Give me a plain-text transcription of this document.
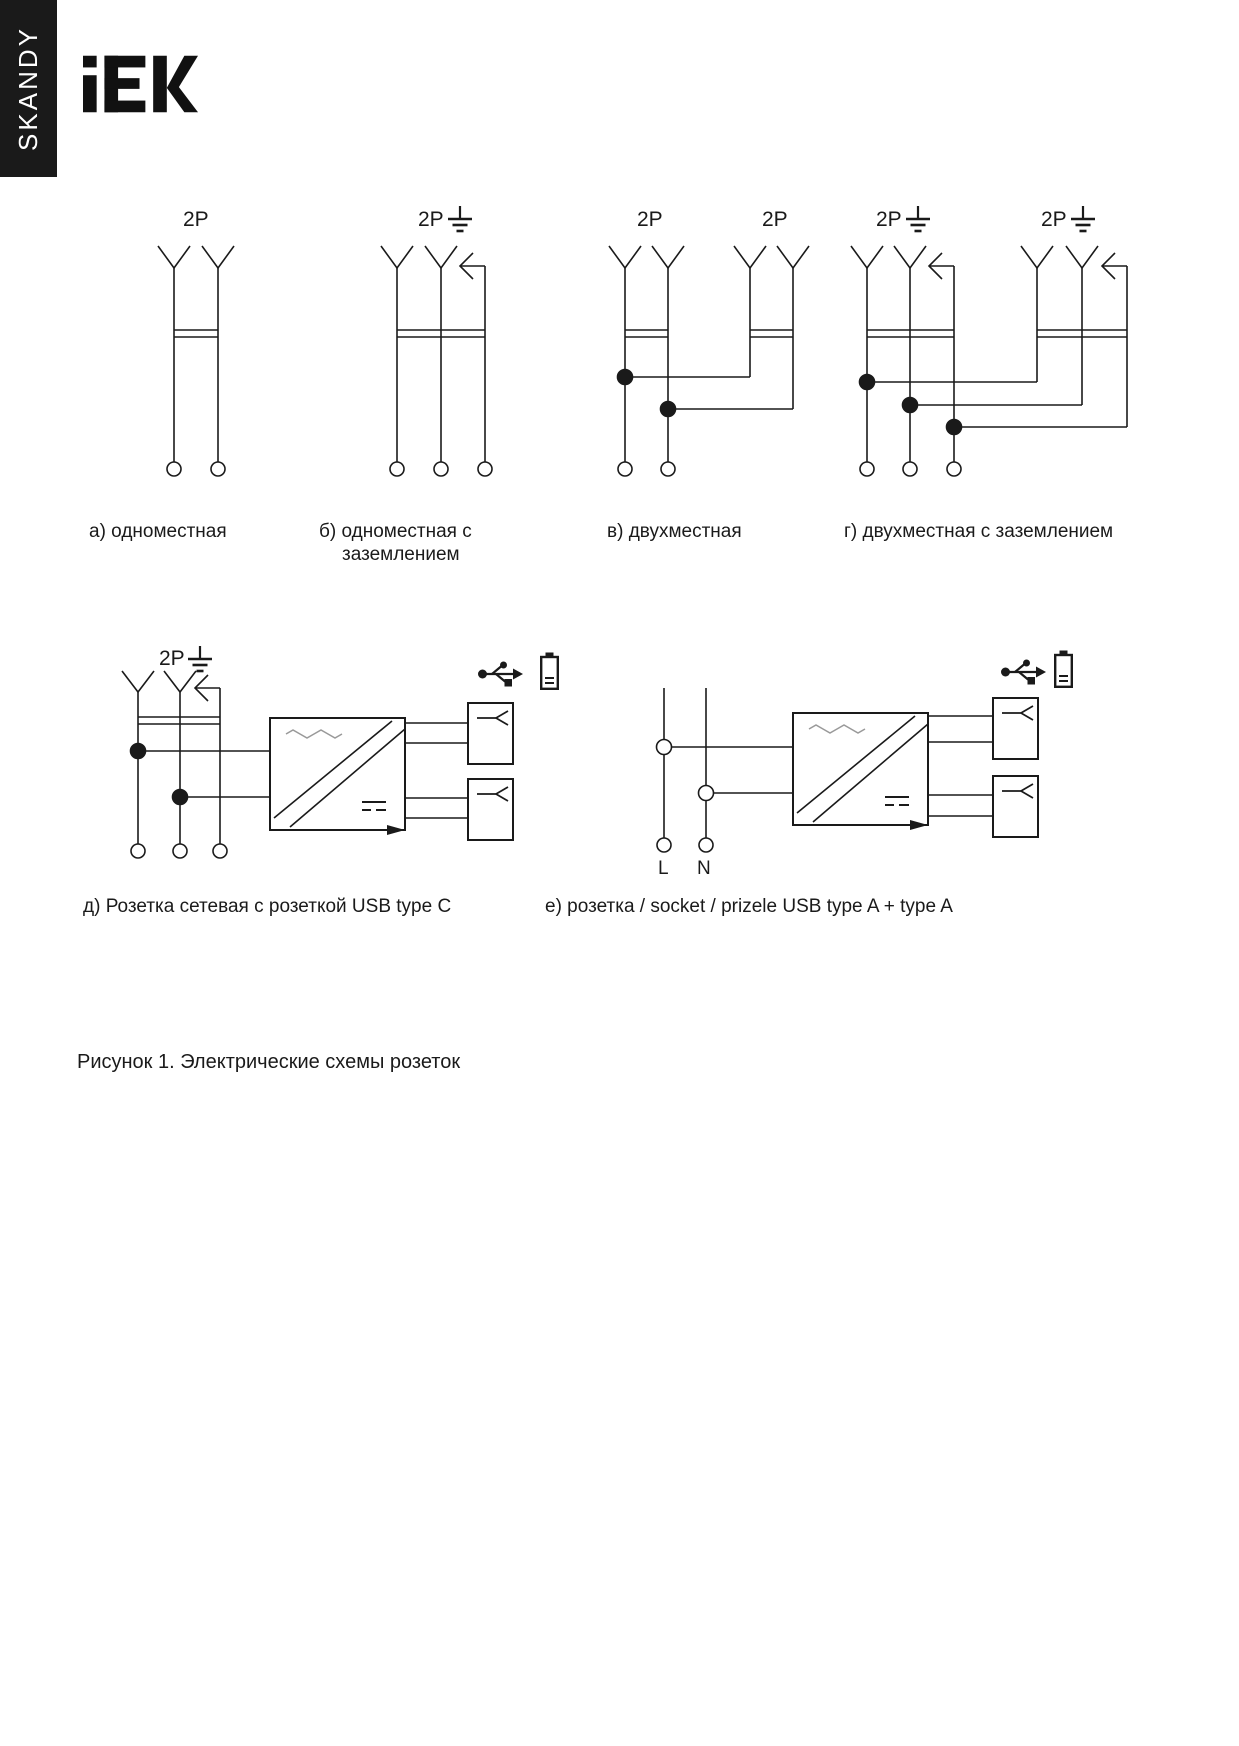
SKANDY
2P	2P	2P	2P	2P	2P
2P
а) одноместная	б) одноместная с
заземлением
в) двухместная	г) двухместная с заземлением
д) Розетка сетевая с розеткой USB type C	е) розетка / socket / prizele USB type A + type A
L N
Рисунок 1. Электрические схемы розеток
